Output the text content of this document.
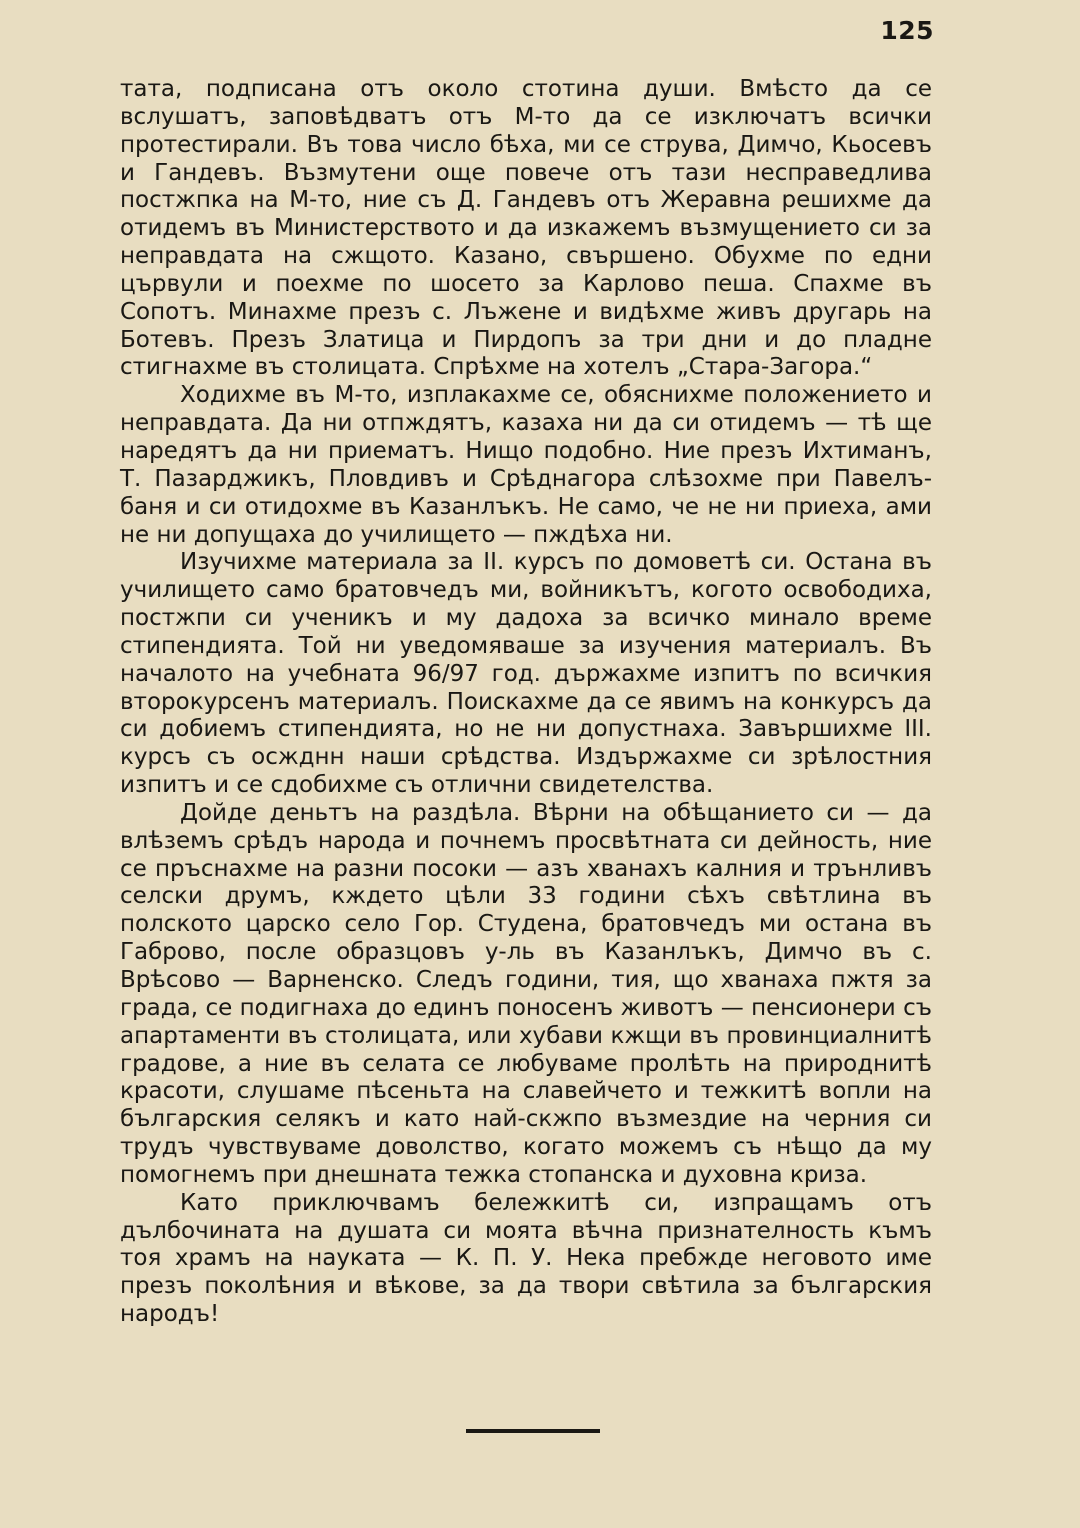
125

тата, подписана отъ около стотина души. Вмѣсто да се вслушатъ, заповѣдватъ отъ М-то да се изключатъ всички протестирали. Въ това число бѣха, ми се струва, Димчо, Кьосевъ и Гандевъ. Възмутени още повече отъ тази несправедлива постжпка на М-то, ние съ Д. Гандевъ отъ Жеравна решихме да отидемъ въ Министерството и да изкажемъ възмущението си за неправдата на сжщото. Казано, свършено. Обухме по едни цървули и поехме по шосето за Карлово пеша. Спахме въ Сопотъ. Минахме презъ с. Лъжене и видѣхме живъ другарь на Ботевъ. Презъ Златица и Пирдопъ за три дни и до пладне стигнахме въ столицата. Спрѣхме на хотелъ „Стара-Загора.“

Ходихме въ М-то, изплакахме се, обяснихме положението и неправдата. Да ни отпждятъ, казаха ни да си отидемъ — тѣ ще наредятъ да ни приематъ. Нищо подобно. Ние презъ Ихтиманъ, Т. Пазарджикъ, Пловдивъ и Срѣднагора слѣзохме при Павелъ-баня и си отидохме въ Казанлъкъ. Не само, че не ни приеха, ами не ни допущаха до училището — пждѣха ни.

Изучихме материала за II. курсъ по домоветѣ си. Остана въ училището само братовчедъ ми, войникътъ, когото освободиха, постжпи си ученикъ и му дадоха за всичко минало време стипендията. Той ни уведомяваше за изучения материалъ. Въ началото на учебната 96/97 год. държахме изпитъ по всичкия второкурсенъ материалъ. Поискахме да се явимъ на конкурсъ да си добиемъ стипендията, но не ни допустнаха. Завършихме III. курсъ съ осжднн наши срѣдства. Издържахме си зрѣлостния изпитъ и се сдобихме съ отлични свидетелства.

Дойде деньтъ на раздѣла. Вѣрни на обѣщанието си — да влѣземъ срѣдъ народа и почнемъ просвѣтната си дейность, ние се пръснахме на разни посоки — азъ хванахъ калния и трънливъ селски друмъ, кждето цѣли 33 години сѣхъ свѣтлина въ полското царско село Гор. Студена, братовчедъ ми остана въ Габрово, после образцовъ у-ль въ Казанлъкъ, Димчо въ с. Врѣсово — Варненско. Следъ години, тия, що хванаха пжтя за града, се подигнаха до единъ поносенъ животъ — пенсионери съ апартаменти въ столицата, или хубави кжщи въ провинциалнитѣ градове, а ние въ селата се любуваме пролѣть на природнитѣ красоти, слушаме пѣсеньта на славейчето и тежкитѣ вопли на българския селякъ и като най-скжпо възмездие на черния си трудъ чувствуваме доволство, когато можемъ съ нѣщо да му помогнемъ при днешната тежка стопанска и духовна криза.

Като приключвамъ бележкитѣ си, изпращамъ отъ дълбочината на душата си моята вѣчна признателность къмъ тоя храмъ на науката — К. П. У. Нека пребжде неговото име презъ поколѣния и вѣкове, за да твори свѣтила за българския народъ!
